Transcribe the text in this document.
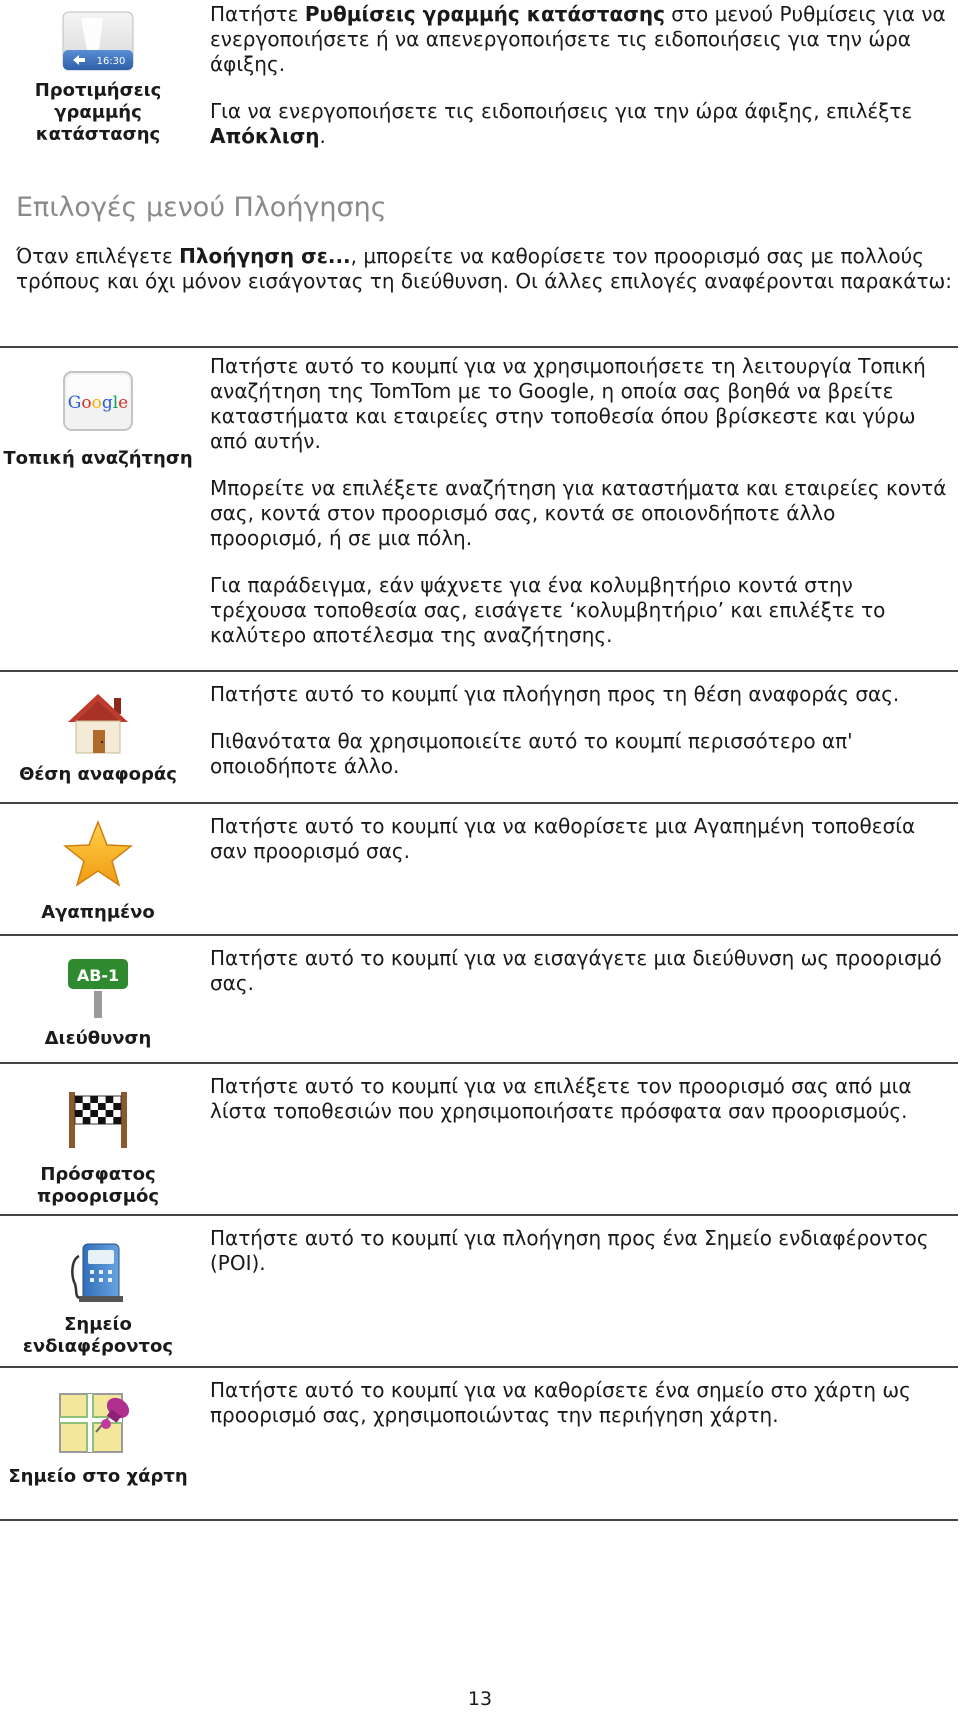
16:30
Προτιμήσεις γραμμής κατάστασης

Πατήστε Ρυθμίσεις γραμμής κατάστασης στο μενού Ρυθμίσεις για να ενεργοποιήσετε ή να απενεργοποιήσετε τις ειδοποιήσεις για την ώρα άφιξης.

Για να ενεργοποιήσετε τις ειδοποιήσεις για την ώρα άφιξης, επιλέξτε Απόκλιση.

Επιλογές μενού Πλοήγησης

Όταν επιλέγετε Πλοήγηση σε..., μπορείτε να καθορίσετε τον προορισμό σας με πολλούς τρόπους και όχι μόνον εισάγοντας τη διεύθυνση. Οι άλλες επιλογές αναφέρονται παρακάτω:

Google
Τοπική αναζήτηση

Πατήστε αυτό το κουμπί για να χρησιμοποιήσετε τη λειτουργία Τοπική αναζήτηση της TomTom με το Google, η οποία σας βοηθά να βρείτε καταστήματα και εταιρείες στην τοποθεσία όπου βρίσκεστε και γύρω από αυτήν.

Μπορείτε να επιλέξετε αναζήτηση για καταστήματα και εταιρείες κοντά σας, κοντά στον προορισμό σας, κοντά σε οποιονδήποτε άλλο προορισμό, ή σε μια πόλη.

Για παράδειγμα, εάν ψάχνετε για ένα κολυμβητήριο κοντά στην τρέχουσα τοποθεσία σας, εισάγετε ‘κολυμβητήριο’ και επιλέξτε το καλύτερο αποτέλεσμα της αναζήτησης.

Θέση αναφοράς

Πατήστε αυτό το κουμπί για πλοήγηση προς τη θέση αναφοράς σας.

Πιθανότατα θα χρησιμοποιείτε αυτό το κουμπί περισσότερο απ' οποιοδήποτε άλλο.

Αγαπημένο

Πατήστε αυτό το κουμπί για να καθορίσετε μια Αγαπημένη τοποθεσία σαν προορισμό σας.

AB-1
Διεύθυνση

Πατήστε αυτό το κουμπί για να εισαγάγετε μια διεύθυνση ως προορισμό σας.

Πρόσφατος προορισμός

Πατήστε αυτό το κουμπί για να επιλέξετε τον προορισμό σας από μια λίστα τοποθεσιών που χρησιμοποιήσατε πρόσφατα σαν προορισμούς.

Σημείο ενδιαφέροντος

Πατήστε αυτό το κουμπί για πλοήγηση προς ένα Σημείο ενδιαφέροντος (POI).

Σημείο στο χάρτη

Πατήστε αυτό το κουμπί για να καθορίσετε ένα σημείο στο χάρτη ως προορισμό σας, χρησιμοποιώντας την περιήγηση χάρτη.

13
